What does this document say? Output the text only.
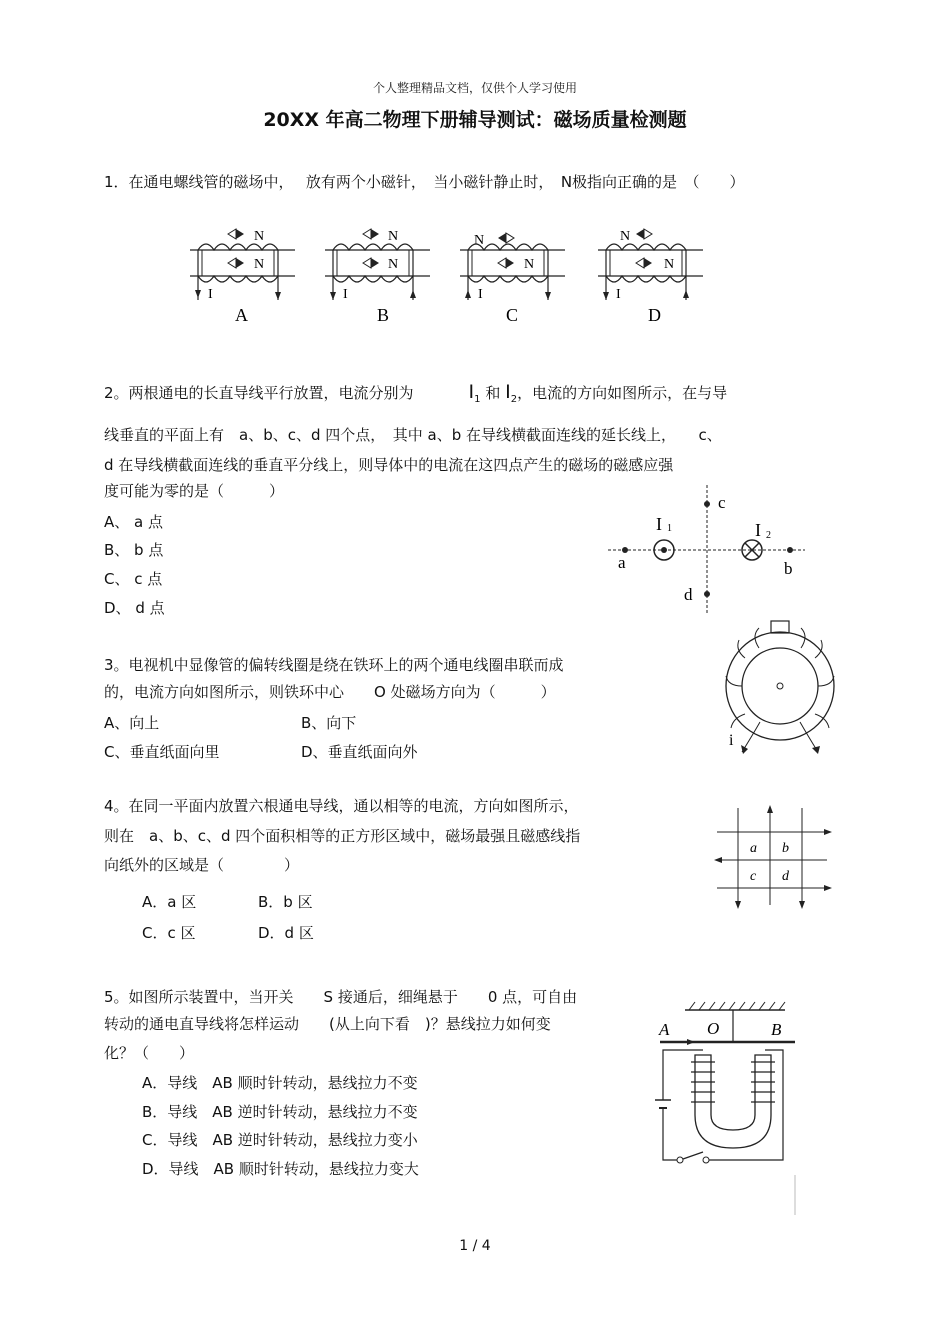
个人整理精品文档，仅供个人学习使用
20XX 年高二物理下册辅导测试：磁场质量检测题
1．在通电螺线管的磁场中，　 放有两个小磁针，　当小磁针静止时，　N极指向正确的是　（　　）
N
N
I
N
N
I
N
N
I
N
N
I
A	B	C	D
2。两根通电的长直导线平行放置，电流分别为	$I_1$ 和 $I_2$，电流的方向如图所示，在与导
线垂直的平面上有　a、b、c、d 四个点，　其中 a、b 在导线横截面连线的延长线上，　　c、
d 在导线横截面连线的垂直平分线上，则导体中的电流在这四点产生的磁场的磁感应强
度可能为零的是（　　　）
A、 a 点
B、 b 点
C、 c 点
D、 d 点
a	b
c
d
I 1	I 2
3。电视机中显像管的偏转线圈是绕在铁环上的两个通电线圈串联而成
的，电流方向如图所示，则铁环中心　　O 处磁场方向为（　　　）
A、向上	B、向下
C、垂直纸面向里	D、垂直纸面向外
i
4。在同一平面内放置六根通电导线，通以相等的电流，方向如图所示，
则在　a、b、c、d 四个面积相等的正方形区域中，磁场最强且磁感线指
向纸外的区域是（　　　　）
A．a 区	B．b 区
C．c 区	D．d 区
a b
c d
5。如图所示装置中，当开关　　S 接通后，细绳悬于　　0 点，可自由
转动的通电直导线将怎样运动　　(从上向下看　)？悬线拉力如何变
化？（　　）
A．导线　AB 顺时针转动，悬线拉力不变
B．导线　AB 逆时针转动，悬线拉力不变
C．导线　AB 逆时针转动，悬线拉力变小
D．导线　AB 顺时针转动，悬线拉力变大
A O	B
1 / 4
